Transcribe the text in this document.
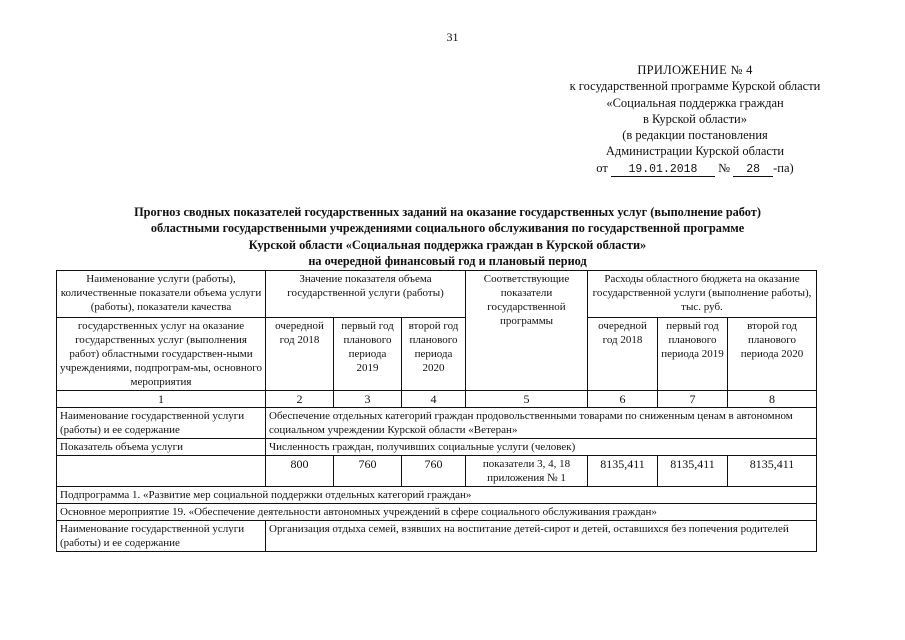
31
ПРИЛОЖЕНИЕ № 4
к государственной программе Курской области
«Социальная поддержка граждан
в Курской области»
(в редакции постановления
Администрации Курской области
от 19.01.2018 № 28 -па)
Прогноз сводных показателей государственных заданий на оказание государственных услуг (выполнение работ)
областными государственными учреждениями социального обслуживания по государственной программе
Курской области «Социальная поддержка граждан в Курской области»
на очередной финансовый год и плановый период
Наименование услуги (работы), количественные показатели объема услуги (работы), показатели качества	Значение показателя объема государственной услуги (работы)			Соответствующие показатели государственной программы	Расходы областного бюджета на оказание государственной услуги (выполнение работы), тыс. руб.		
государственных услуг на оказание государственных услуг (выполнения работ) областными государствен-ными учреждениями, подпрограм-мы, основного мероприятия	очередной год 2018	первый год планового периода 2019	второй год планового периода 2020		очередной год 2018	первый год планового периода 2019	второй год планового периода 2020
1	2	3	4	5	6	7	8
Наименование государственной услуги (работы) и ее содержание	Обеспечение отдельных категорий граждан продовольственными товарами по сниженным ценам в автономном социальном учреждении Курской области «Ветеран»						
Показатель объема услуги	Численность граждан, получивших социальные услуги (человек)						
	800	760	760	показатели 3, 4, 18 приложения № 1	8135,411	8135,411	8135,411
Подпрограмма 1. «Развитие мер социальной поддержки отдельных категорий граждан»							
Основное мероприятие 19. «Обеспечение деятельности автономных учреждений в сфере социального обслуживания граждан»							
Наименование государственной услуги (работы) и ее содержание	Организация отдыха семей, взявших на воспитание детей-сирот и детей, оставшихся без попечения родителей						
